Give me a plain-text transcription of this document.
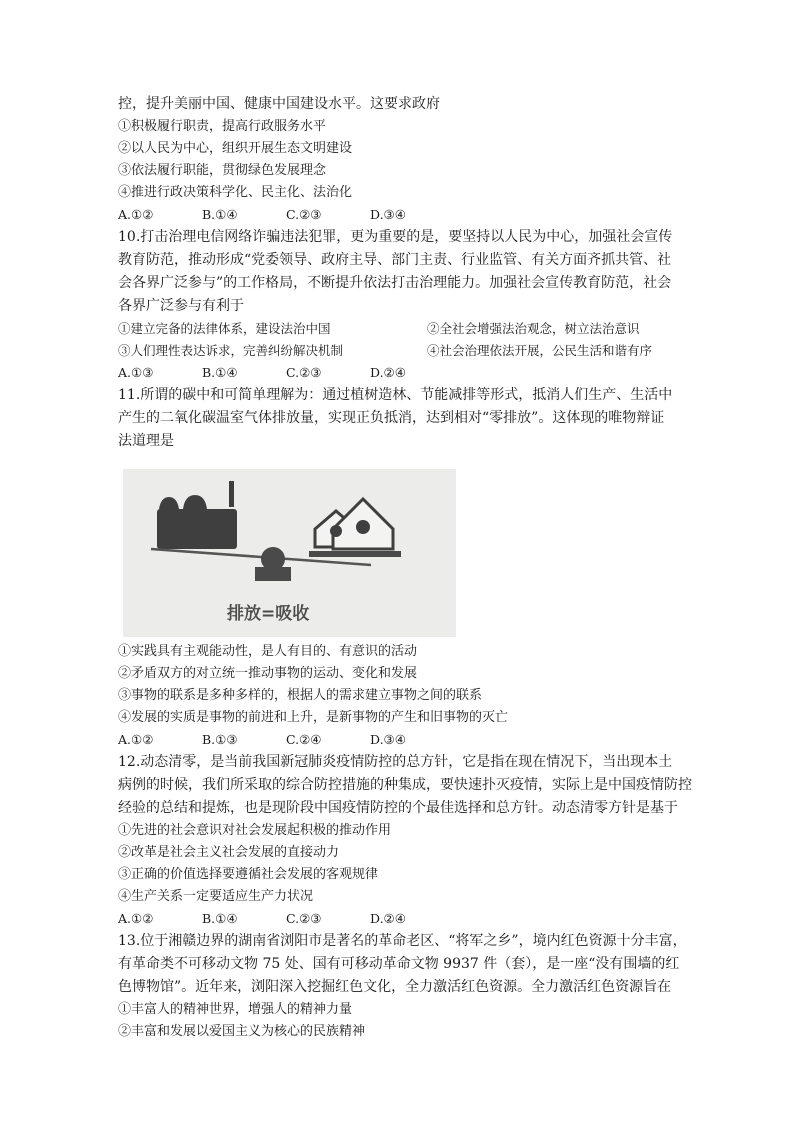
控，提升美丽中国、健康中国建设水平。这要求政府
①积极履行职责，提高行政服务水平
②以人民为中心，组织开展生态文明建设
③依法履行职能，贯彻绿色发展理念
④推进行政决策科学化、民主化、法治化
A.①②	B.①④	C.②③	D.③④
10.打击治理电信网络诈骗违法犯罪，更为重要的是，要坚持以人民为中心，加强社会宣传
教育防范，推动形成“党委领导、政府主导、部门主责、行业监管、有关方面齐抓共管、社
会各界广泛参与”的工作格局，不断提升依法打击治理能力。加强社会宣传教育防范，社会
各界广泛参与有利于
①建立完备的法律体系，建设法治中国	②全社会增强法治观念，树立法治意识
③人们理性表达诉求，完善纠纷解决机制	④社会治理依法开展，公民生活和谐有序
A.①③	B.①④	C.②③	D.②④
11.所谓的碳中和可简单理解为：通过植树造林、节能减排等形式，抵消人们生产、生活中
产生的二氧化碳温室气体排放量，实现正负抵消，达到相对“零排放”。这体现的唯物辩证
法道理是
排放=吸收
①实践具有主观能动性，是人有目的、有意识的活动
②矛盾双方的对立统一推动事物的运动、变化和发展
③事物的联系是多种多样的，根据人的需求建立事物之间的联系
④发展的实质是事物的前进和上升，是新事物的产生和旧事物的灭亡
A.①②	B.①③	C.②④	D.③④
12.动态清零，是当前我国新冠肺炎疫情防控的总方针，它是指在现在情况下，当出现本土
病例的时候，我们所采取的综合防控措施的种集成，要快速扑灭疫情，实际上是中国疫情防控
经验的总结和提炼，也是现阶段中国疫情防控的个最佳选择和总方针。动态清零方针是基于
①先进的社会意识对社会发展起积极的推动作用
②改革是社会主义社会发展的直接动力
③正确的价值选择要遵循社会发展的客观规律
④生产关系一定要适应生产力状况
A.①②	B.①④	C.②③	D.②④
13.位于湘赣边界的湖南省浏阳市是著名的革命老区、“将军之乡”，境内红色资源十分丰富，
有革命类不可移动文物 75 处、国有可移动革命文物 9937 件（套），是一座“没有围墙的红
色博物馆”。近年来，浏阳深入挖掘红色文化，全力激活红色资源。全力激活红色资源旨在
①丰富人的精神世界，增强人的精神力量
②丰富和发展以爱国主义为核心的民族精神
